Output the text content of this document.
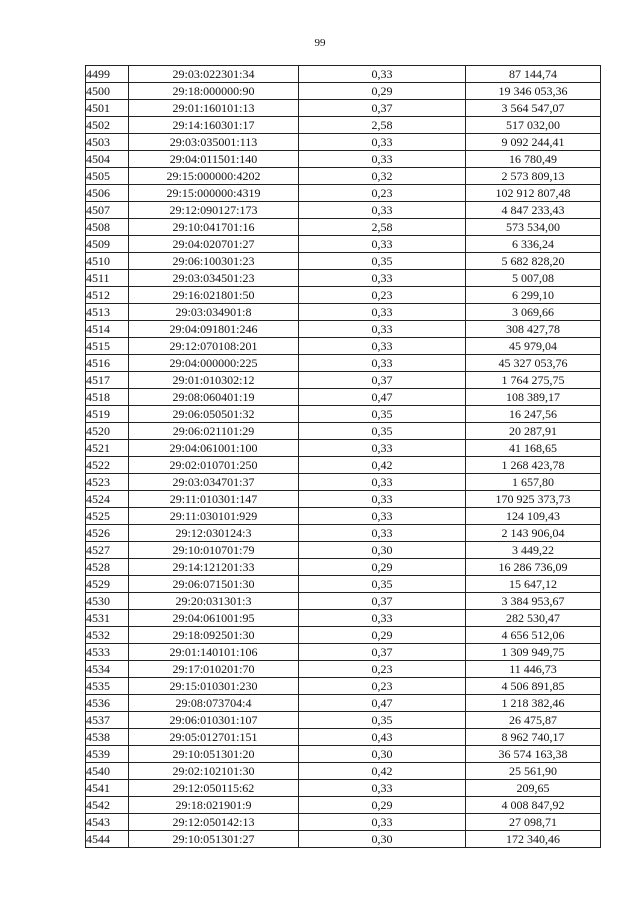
99
4499	29:03:022301:34	0,33	87 144,74
4500	29:18:000000:90	0,29	19 346 053,36
4501	29:01:160101:13	0,37	3 564 547,07
4502	29:14:160301:17	2,58	517 032,00
4503	29:03:035001:113	0,33	9 092 244,41
4504	29:04:011501:140	0,33	16 780,49
4505	29:15:000000:4202	0,32	2 573 809,13
4506	29:15:000000:4319	0,23	102 912 807,48
4507	29:12:090127:173	0,33	4 847 233,43
4508	29:10:041701:16	2,58	573 534,00
4509	29:04:020701:27	0,33	6 336,24
4510	29:06:100301:23	0,35	5 682 828,20
4511	29:03:034501:23	0,33	5 007,08
4512	29:16:021801:50	0,23	6 299,10
4513	29:03:034901:8	0,33	3 069,66
4514	29:04:091801:246	0,33	308 427,78
4515	29:12:070108:201	0,33	45 979,04
4516	29:04:000000:225	0,33	45 327 053,76
4517	29:01:010302:12	0,37	1 764 275,75
4518	29:08:060401:19	0,47	108 389,17
4519	29:06:050501:32	0,35	16 247,56
4520	29:06:021101:29	0,35	20 287,91
4521	29:04:061001:100	0,33	41 168,65
4522	29:02:010701:250	0,42	1 268 423,78
4523	29:03:034701:37	0,33	1 657,80
4524	29:11:010301:147	0,33	170 925 373,73
4525	29:11:030101:929	0,33	124 109,43
4526	29:12:030124:3	0,33	2 143 906,04
4527	29:10:010701:79	0,30	3 449,22
4528	29:14:121201:33	0,29	16 286 736,09
4529	29:06:071501:30	0,35	15 647,12
4530	29:20:031301:3	0,37	3 384 953,67
4531	29:04:061001:95	0,33	282 530,47
4532	29:18:092501:30	0,29	4 656 512,06
4533	29:01:140101:106	0,37	1 309 949,75
4534	29:17:010201:70	0,23	11 446,73
4535	29:15:010301:230	0,23	4 506 891,85
4536	29:08:073704:4	0,47	1 218 382,46
4537	29:06:010301:107	0,35	26 475,87
4538	29:05:012701:151	0,43	8 962 740,17
4539	29:10:051301:20	0,30	36 574 163,38
4540	29:02:102101:30	0,42	25 561,90
4541	29:12:050115:62	0,33	209,65
4542	29:18:021901:9	0,29	4 008 847,92
4543	29:12:050142:13	0,33	27 098,71
4544	29:10:051301:27	0,30	172 340,46
